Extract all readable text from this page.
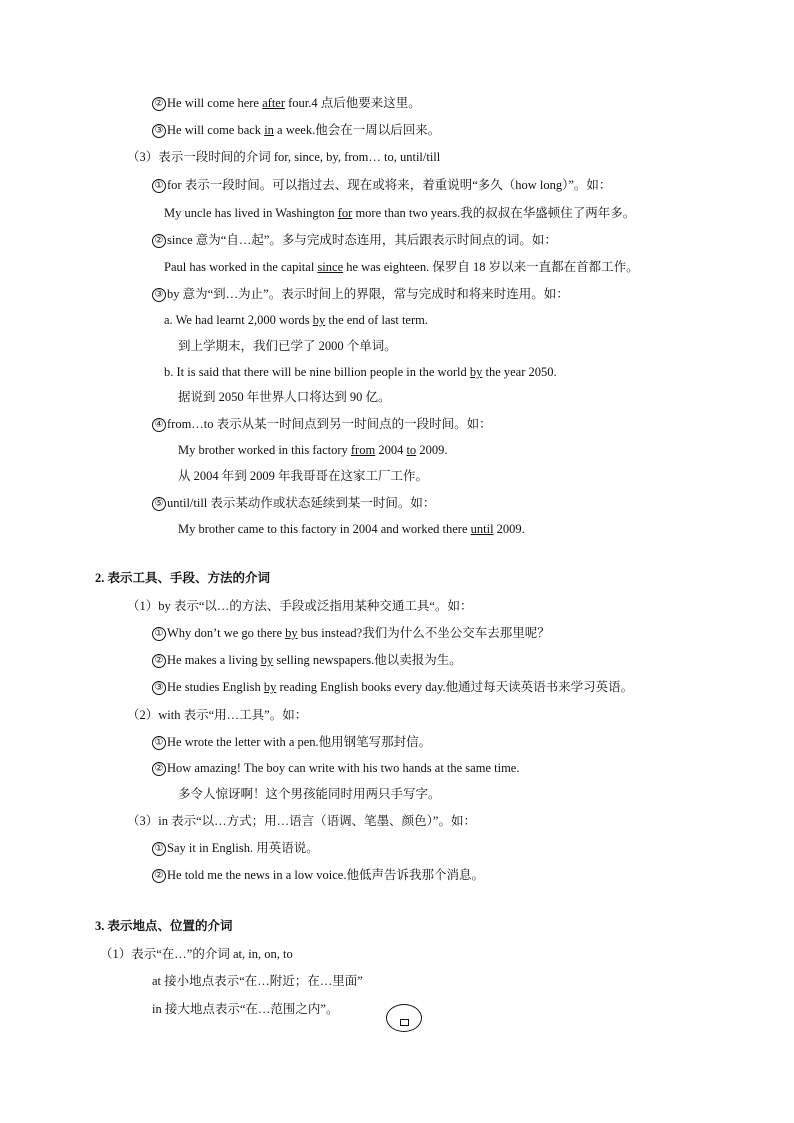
② He will come here after four.4 点后他要来这里。
③ He will come back in a week.他会在一周以后回来。
（3）表示一段时间的介词 for, since, by, from… to, until/till
① for 表示一段时间。可以指过去、现在或将来，着重说明“多久（how long）”。如：
My uncle has lived in Washington for more than two years.我的叔叔在华盛顿住了两年多。
② since 意为“自…起”。多与完成时态连用，其后跟表示时间点的词。如：
Paul has worked in the capital since he was eighteen. 保罗自 18 岁以来一直都在首都工作。
③ by 意为“到…为止”。表示时间上的界限，常与完成时和将来时连用。如：
a. We had learnt 2,000 words by the end of last term.
到上学期末，我们已学了 2000 个单词。
b. It is said that there will be nine billion people in the world by the year 2050.
据说到 2050 年世界人口将达到 90 亿。
④ from…to 表示从某一时间点到另一时间点的一段时间。如：
My brother worked in this factory from 2004 to 2009.
从 2004 年到 2009 年我哥哥在这家工厂工作。
⑤ until/till 表示某动作或状态延续到某一时间。如：
My brother came to this factory in 2004 and worked there until 2009.
2. 表示工具、手段、方法的介词
（1）by 表示“以…的方法、手段或泛指用某种交通工具“。如：
① Why don’t we go there by bus instead?我们为什么不坐公交车去那里呢？
② He makes a living by selling newspapers.他以卖报为生。
③ He studies English by reading English books every day.他通过每天读英语书来学习英语。
（2）with 表示“用…工具”。如：
① He wrote the letter with a pen.他用钢笔写那封信。
② How amazing! The boy can write with his two hands at the same time.
多令人惊讶啊！这个男孩能同时用两只手写字。
（3）in 表示“以…方式；用…语言（语调、笔墨、颜色）”。如：
① Say it in English. 用英语说。
② He told me the news in a low voice.他低声告诉我那个消息。
3. 表示地点、位置的介词
（1）表示“在…”的介词 at, in, on, to
at 接小地点表示“在…附近；在…里面”
in 接大地点表示“在…范围之内”。
